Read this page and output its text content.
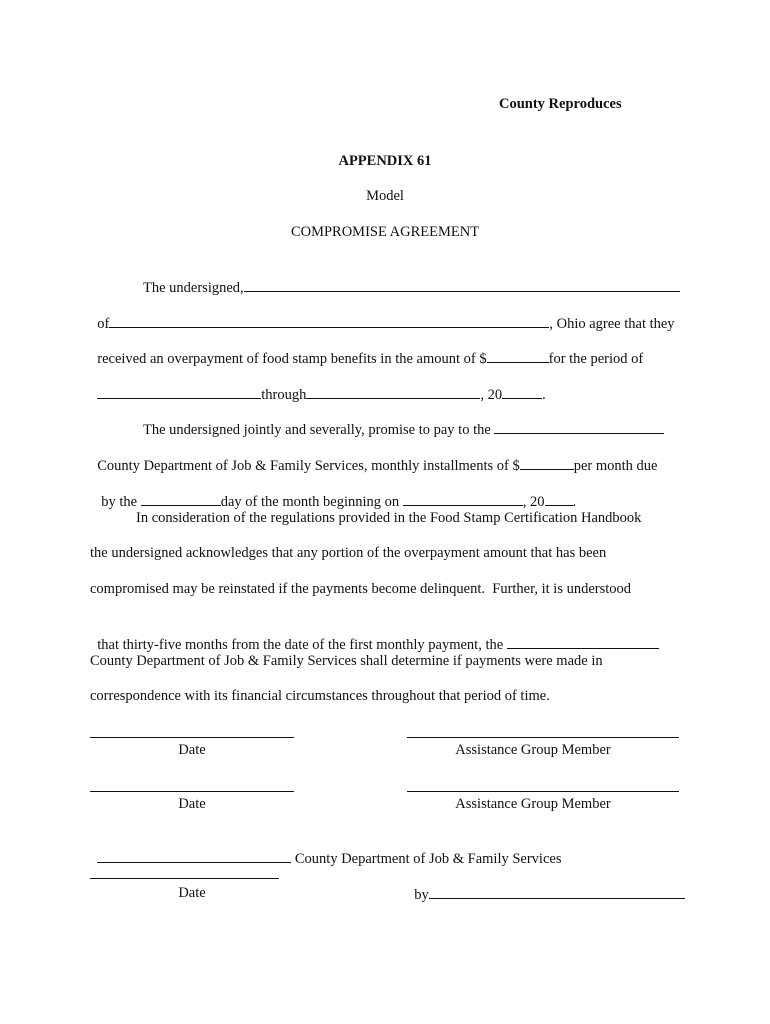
County Reproduces
APPENDIX 61
Model
COMPROMISE AGREEMENT

The undersigned,

of	, Ohio agree that they

received an overpayment of food stamp benefits in the amount of $	for the period of

through	, 20	.

The undersigned jointly and severally, promise to pay to the

County Department of Job & Family Services, monthly installments of $	per month due

by the	day of the month beginning on	, 20 .

In consideration of the regulations provided in the Food Stamp Certification Handbook
the undersigned acknowledges that any portion of the overpayment amount that has been
compromised may be reinstated if the payments become delinquent.  Further, it is understood

that thirty-five months from the date of the first monthly payment, the

County Department of Job & Family Services shall determine if payments were made in
correspondence with its financial circumstances throughout that period of time.
Date	Assistance Group Member
Date	Assistance Group Member

County Department of Job & Family Services

by

Date
